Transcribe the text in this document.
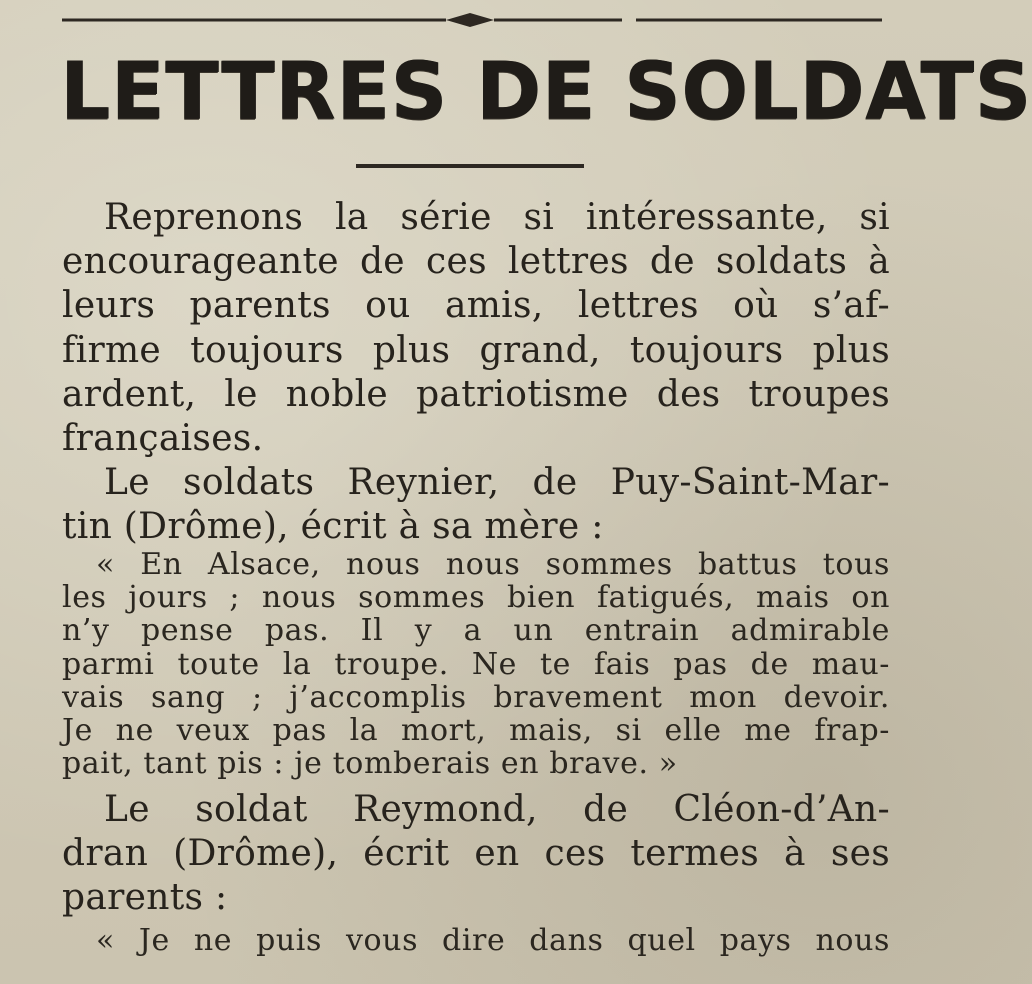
LETTRES DE SOLDATS
Reprenons la série si intéressante, si
encourageante de ces lettres de soldats à
leurs parents ou amis, lettres où s’af-
firme toujours plus grand, toujours plus
ardent, le noble patriotisme des troupes
françaises.
Le soldats Reynier, de Puy-Saint-Mar-
tin (Drôme), écrit à sa mère :
« En Alsace, nous nous sommes battus tous
les jours ; nous sommes bien fatigués, mais on
n’y pense pas. Il y a un entrain admirable
parmi toute la troupe. Ne te fais pas de mau-
vais sang ; j’accomplis bravement mon devoir.
Je ne veux pas la mort, mais, si elle me frap-
pait, tant pis : je tomberais en brave. »
Le soldat Reymond, de Cléon-d’An-
dran (Drôme), écrit en ces termes à ses
parents :
« Je ne puis vous dire dans quel pays nous
